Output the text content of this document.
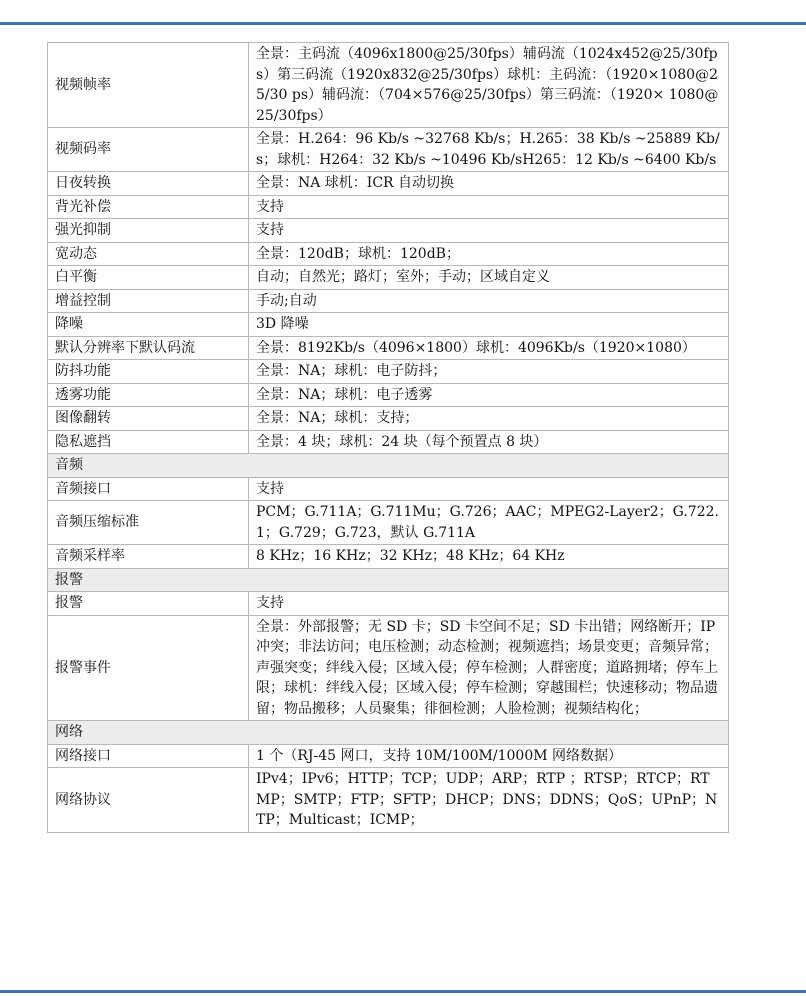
视频帧率	全景：主码流（4096x1800@25/30fps）辅码流（1024x452@25/30fps）第三码流（1920x832@25/30fps）球机：主码流：（1920×1080@25/30 ps）辅码流：（704×576@25/30fps）第三码流：（1920× 1080@25/30fps）
视频码率	全景：H.264：96 Kb/s ~32768 Kb/s；H.265：38 Kb/s ~25889 Kb/s；球机：H264：32 Kb/s ~10496 Kb/sH265：12 Kb/s ~6400 Kb/s
日夜转换	全景：NA 球机：ICR 自动切换
背光补偿	支持
强光抑制	支持
宽动态	全景：120dB；球机：120dB；
白平衡	自动；自然光；路灯；室外；手动；区域自定义
增益控制	手动;自动
降噪	3D 降噪
默认分辨率下默认码流	全景：8192Kb/s（4096×1800）球机：4096Kb/s（1920×1080）
防抖功能	全景：NA；球机：电子防抖；
透雾功能	全景：NA；球机：电子透雾
图像翻转	全景：NA；球机：支持；
隐私遮挡	全景：4 块；球机：24 块（每个预置点 8 块）
音频	
音频接口	支持
音频压缩标准	PCM；G.711A；G.711Mu；G.726；AAC；MPEG2-Layer2；G.722.1；G.729；G.723，默认 G.711A
音频采样率	8 KHz；16 KHz；32 KHz；48 KHz；64 KHz
报警	
报警	支持
报警事件	全景：外部报警；无 SD 卡；SD 卡空间不足；SD 卡出错；网络断开；IP 冲突；非法访问；电压检测；动态检测；视频遮挡；场景变更；音频异常；声强突变；绊线入侵；区域入侵；停车检测；人群密度；道路拥堵；停车上限；球机：绊线入侵；区域入侵；停车检测；穿越围栏；快速移动；物品遗留；物品搬移；人员聚集；徘徊检测；人脸检测；视频结构化；
网络	
网络接口	1 个（RJ-45 网口，支持 10M/100M/1000M 网络数据）
网络协议	IPv4；IPv6；HTTP；TCP；UDP；ARP；RTP ；RTSP；RTCP；RTMP；SMTP；FTP；SFTP；DHCP；DNS；DDNS；QoS；UPnP；NTP；Multicast；ICMP；
